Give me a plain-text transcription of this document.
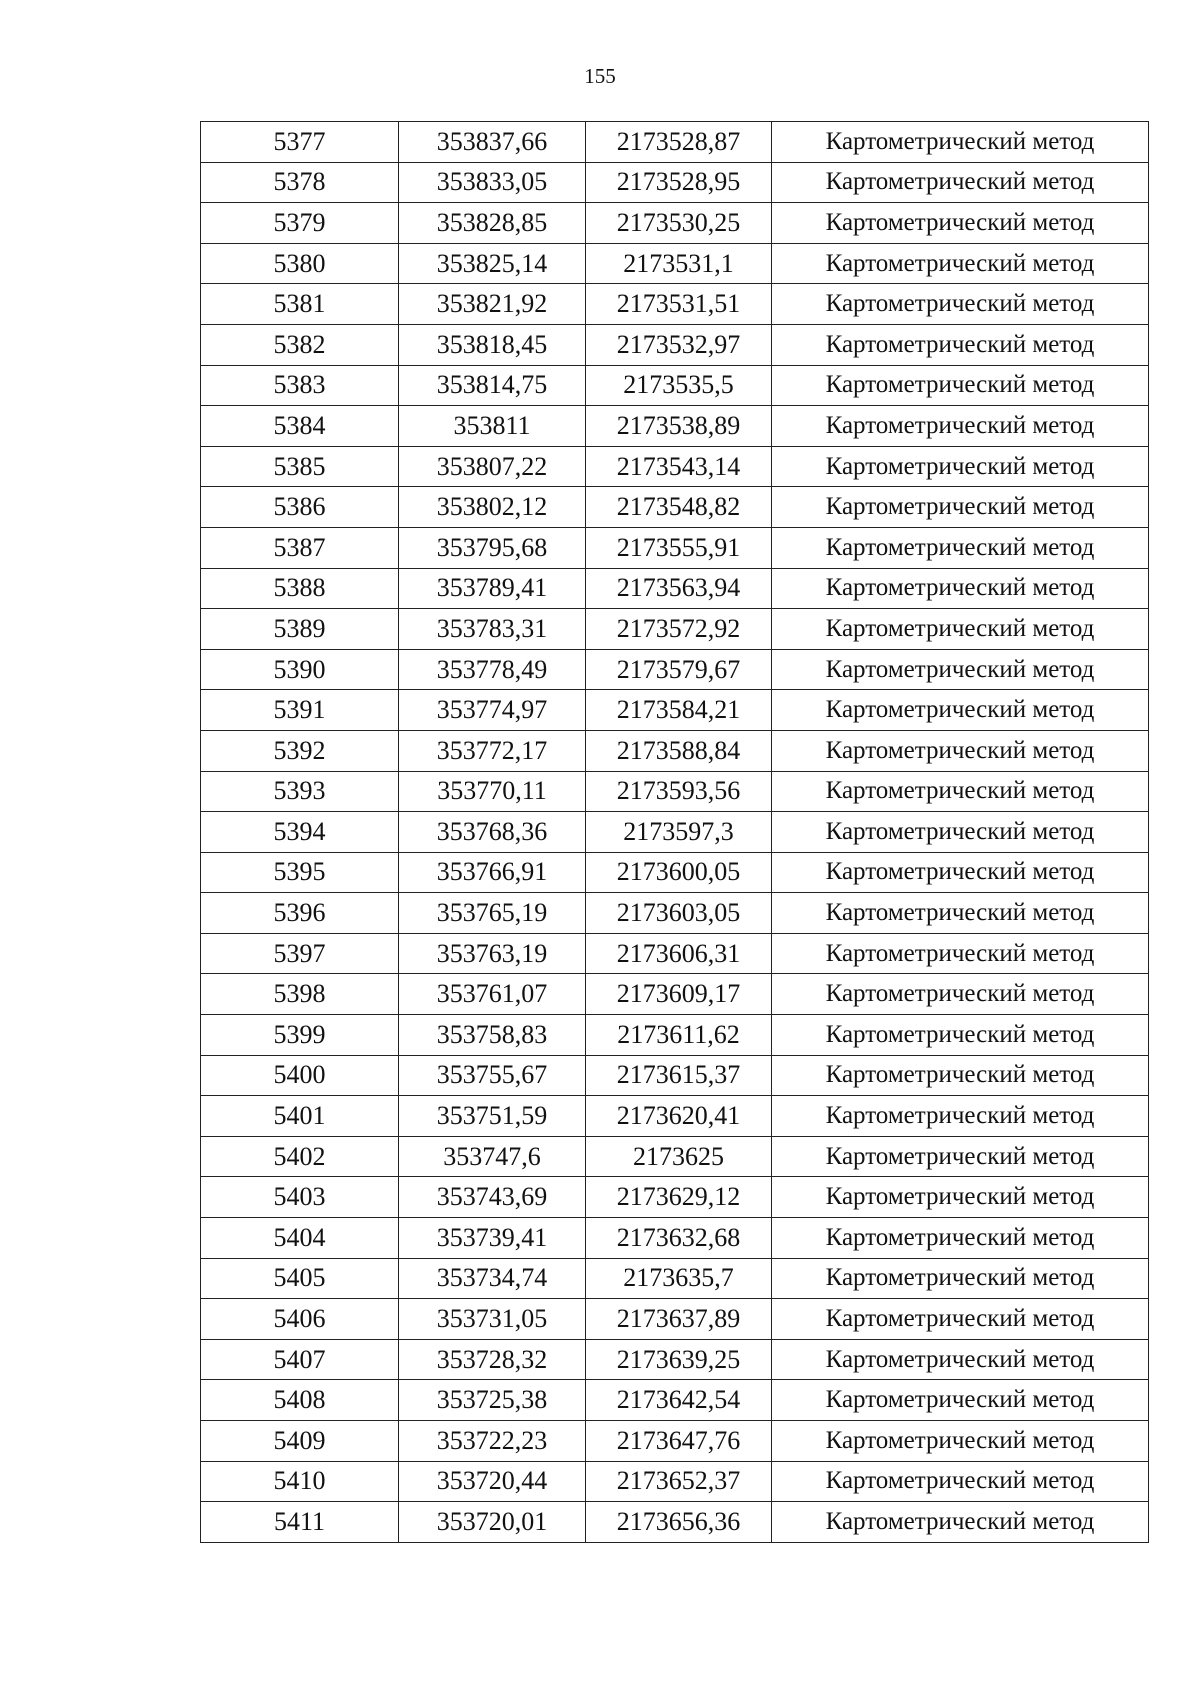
155
5377	353837,66	2173528,87	Картометрический метод
5378	353833,05	2173528,95	Картометрический метод
5379	353828,85	2173530,25	Картометрический метод
5380	353825,14	2173531,1	Картометрический метод
5381	353821,92	2173531,51	Картометрический метод
5382	353818,45	2173532,97	Картометрический метод
5383	353814,75	2173535,5	Картометрический метод
5384	353811	2173538,89	Картометрический метод
5385	353807,22	2173543,14	Картометрический метод
5386	353802,12	2173548,82	Картометрический метод
5387	353795,68	2173555,91	Картометрический метод
5388	353789,41	2173563,94	Картометрический метод
5389	353783,31	2173572,92	Картометрический метод
5390	353778,49	2173579,67	Картометрический метод
5391	353774,97	2173584,21	Картометрический метод
5392	353772,17	2173588,84	Картометрический метод
5393	353770,11	2173593,56	Картометрический метод
5394	353768,36	2173597,3	Картометрический метод
5395	353766,91	2173600,05	Картометрический метод
5396	353765,19	2173603,05	Картометрический метод
5397	353763,19	2173606,31	Картометрический метод
5398	353761,07	2173609,17	Картометрический метод
5399	353758,83	2173611,62	Картометрический метод
5400	353755,67	2173615,37	Картометрический метод
5401	353751,59	2173620,41	Картометрический метод
5402	353747,6	2173625	Картометрический метод
5403	353743,69	2173629,12	Картометрический метод
5404	353739,41	2173632,68	Картометрический метод
5405	353734,74	2173635,7	Картометрический метод
5406	353731,05	2173637,89	Картометрический метод
5407	353728,32	2173639,25	Картометрический метод
5408	353725,38	2173642,54	Картометрический метод
5409	353722,23	2173647,76	Картометрический метод
5410	353720,44	2173652,37	Картометрический метод
5411	353720,01	2173656,36	Картометрический метод
